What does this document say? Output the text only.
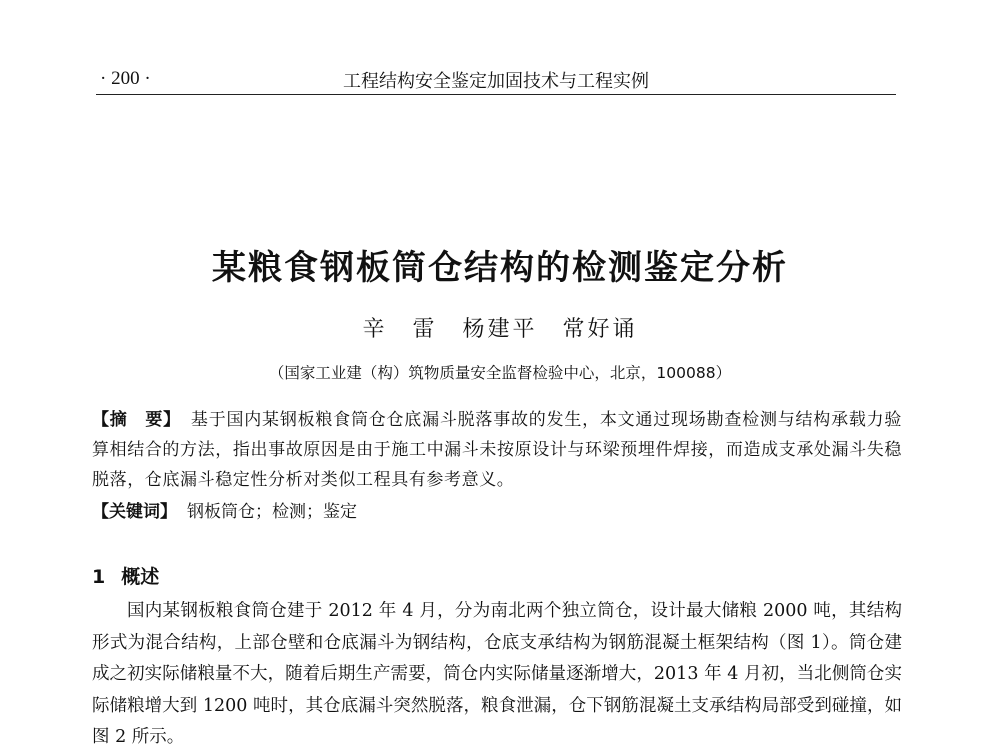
· 200 ·	工程结构安全鉴定加固技术与工程实例
某粮食钢板筒仓结构的检测鉴定分析
辛　雷　杨建平　常好诵
（国家工业建（构）筑物质量安全监督检验中心，北京，100088）
【摘　要】 基于国内某钢板粮食筒仓仓底漏斗脱落事故的发生，本文通过现场勘查检测与结构承载力验算相结合的方法，指出事故原因是由于施工中漏斗未按原设计与环梁预埋件焊接，而造成支承处漏斗失稳脱落，仓底漏斗稳定性分析对类似工程具有参考意义。
【关键词】 钢板筒仓；检测；鉴定
1 概述
国内某钢板粮食筒仓建于 2012 年 4 月，分为南北两个独立筒仓，设计最大储粮 2000 吨，其结构形式为混合结构，上部仓壁和仓底漏斗为钢结构，仓底支承结构为钢筋混凝土框架结构（图 1）。筒仓建成之初实际储粮量不大，随着后期生产需要，筒仓内实际储量逐渐增大，2013 年 4 月初，当北侧筒仓实际储粮增大到 1200 吨时，其仓底漏斗突然脱落，粮食泄漏，仓下钢筋混凝土支承结构局部受到碰撞，如图 2 所示。
